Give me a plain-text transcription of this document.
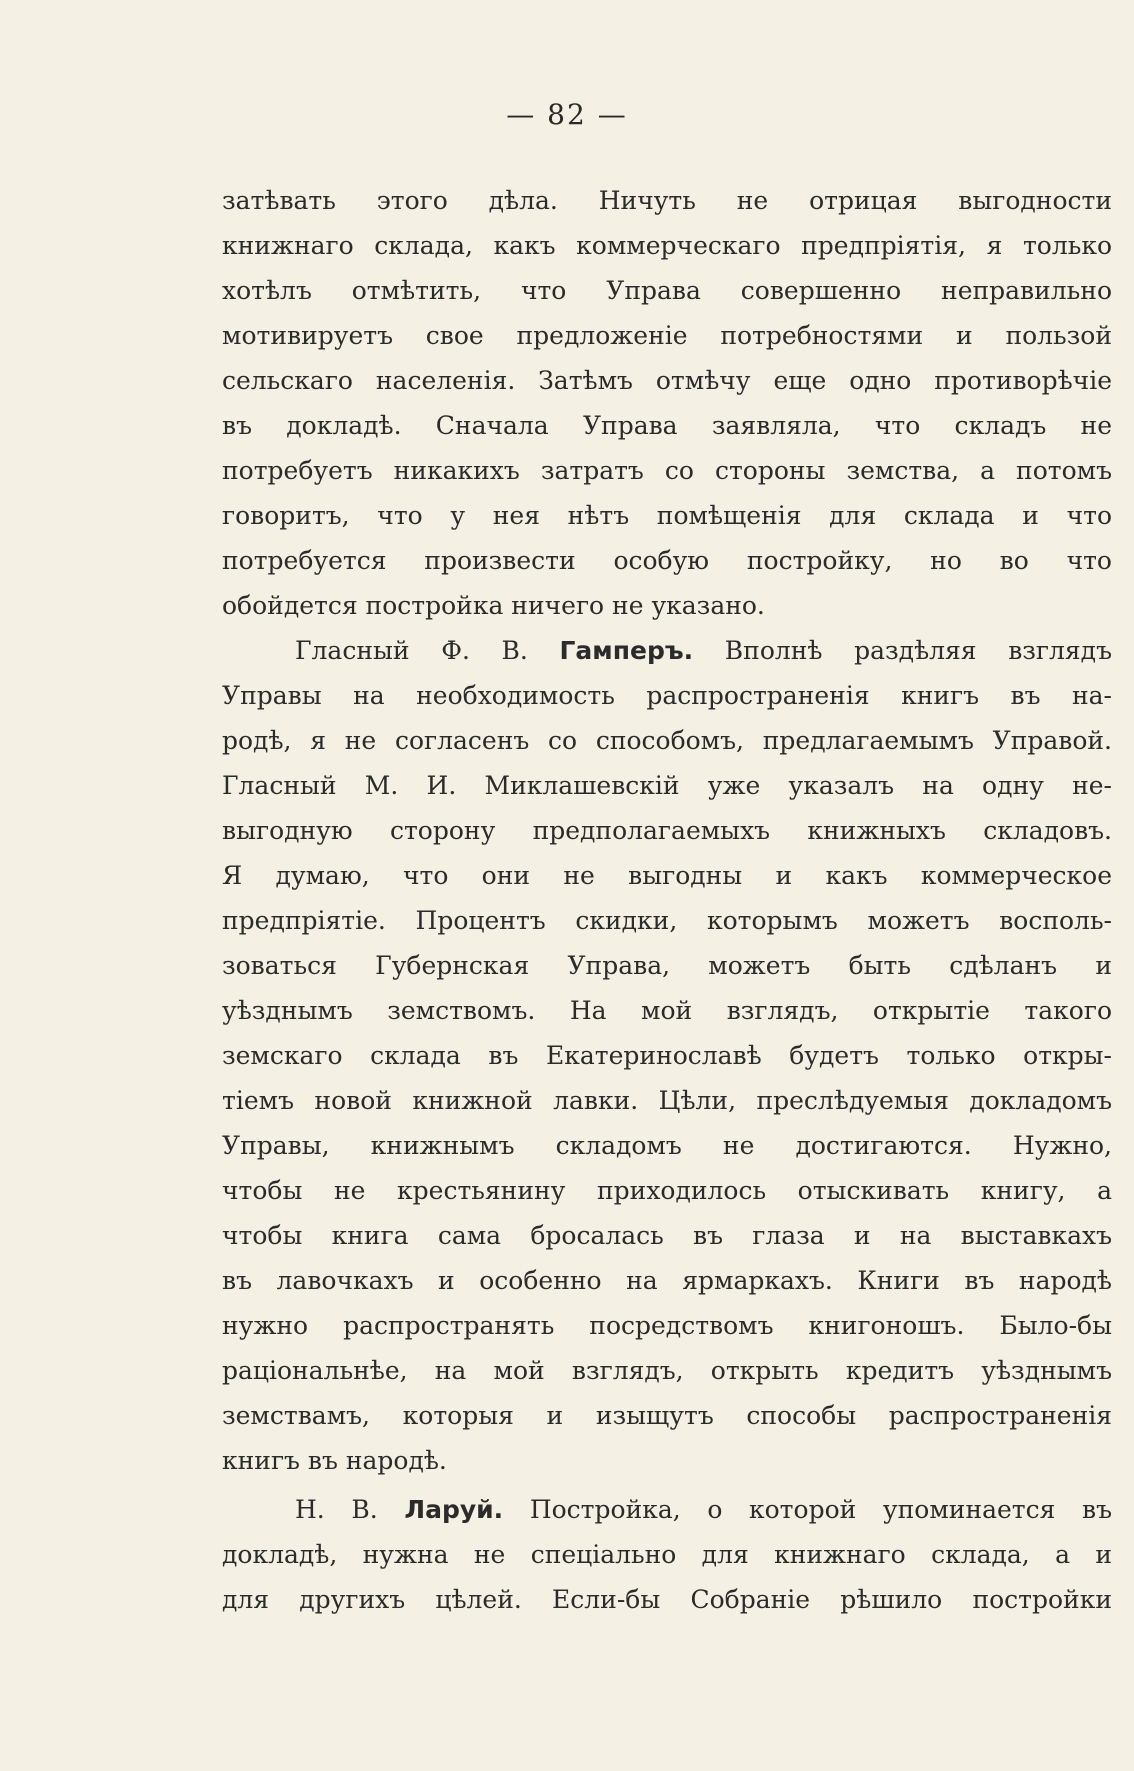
— 82 —
затѣвать этого дѣла. Ничуть не отрицая выгодности
книжнаго склада, какъ коммерческаго предпріятія, я только
хотѣлъ отмѣтить, что Управа совершенно неправильно
мотивируетъ свое предложеніе потребностями и пользой
сельскаго населенія. Затѣмъ отмѣчу еще одно противорѣчіе
въ докладѣ. Сначала Управа заявляла, что складъ не
потребуетъ никакихъ затратъ со стороны земства, а потомъ
говоритъ, что у нея нѣтъ помѣщенія для склада и что
потребуется произвести особую постройку, но во что
обойдется постройка ничего не указано.
Гласный Ф. В. Гамперъ. Вполнѣ раздѣляя взглядъ
Управы на необходимость распространенія книгъ въ на-
родѣ, я не согласенъ со способомъ, предлагаемымъ Управой.
Гласный М. И. Миклашевскій уже указалъ на одну не-
выгодную сторону предполагаемыхъ книжныхъ складовъ.
Я думаю, что они не выгодны и какъ коммерческое
предпріятіе. Процентъ скидки, которымъ можетъ восполь-
зоваться Губернская Управа, можетъ быть сдѣланъ и
уѣзднымъ земствомъ. На мой взглядъ, открытіе такого
земскаго склада въ Екатеринославѣ будетъ только откры-
тіемъ новой книжной лавки. Цѣли, преслѣдуемыя докладомъ
Управы, книжнымъ складомъ не достигаются. Нужно,
чтобы не крестьянину приходилось отыскивать книгу, а
чтобы книга сама бросалась въ глаза и на выставкахъ
въ лавочкахъ и особенно на ярмаркахъ. Книги въ народѣ
нужно распространять посредствомъ книгоношъ. Было-бы
раціональнѣе, на мой взглядъ, открыть кредитъ уѣзднымъ
земствамъ, которыя и изыщутъ способы распространенія
книгъ въ народѣ.
Н. В. Ларуй. Постройка, о которой упоминается въ
докладѣ, нужна не спеціально для книжнаго склада, а и
для другихъ цѣлей. Если-бы Собраніе рѣшило постройки
